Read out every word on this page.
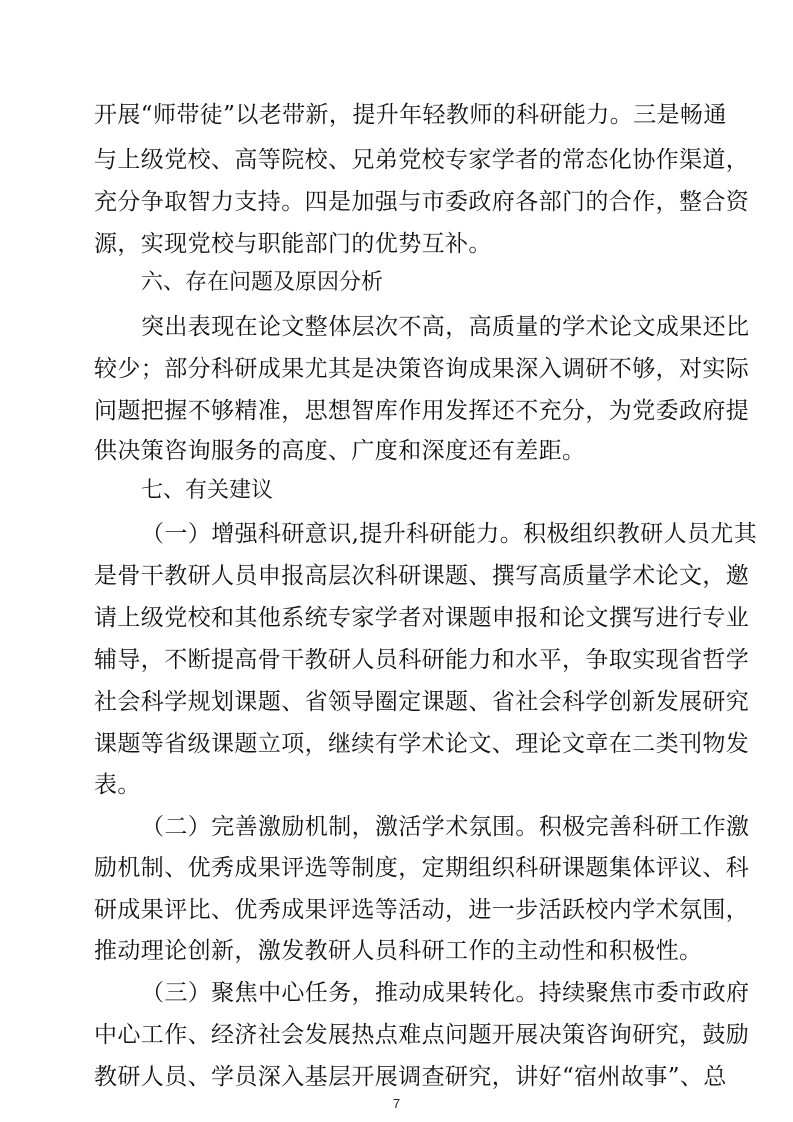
开展“师带徒”以老带新，提升年轻教师的科研能力。三是畅通
与上级党校、高等院校、兄弟党校专家学者的常态化协作渠道，
充分争取智力支持。四是加强与市委政府各部门的合作，整合资
源，实现党校与职能部门的优势互补。
六、存在问题及原因分析
突出表现在论文整体层次不高，高质量的学术论文成果还比
较少；部分科研成果尤其是决策咨询成果深入调研不够，对实际
问题把握不够精准，思想智库作用发挥还不充分，为党委政府提
供决策咨询服务的高度、广度和深度还有差距。
七、有关建议
（一）增强科研意识,提升科研能力。积极组织教研人员尤其
是骨干教研人员申报高层次科研课题、撰写高质量学术论文，邀
请上级党校和其他系统专家学者对课题申报和论文撰写进行专业
辅导，不断提高骨干教研人员科研能力和水平，争取实现省哲学
社会科学规划课题、省领导圈定课题、省社会科学创新发展研究
课题等省级课题立项，继续有学术论文、理论文章在二类刊物发
表。
（二）完善激励机制，激活学术氛围。积极完善科研工作激
励机制、优秀成果评选等制度，定期组织科研课题集体评议、科
研成果评比、优秀成果评选等活动，进一步活跃校内学术氛围，
推动理论创新，激发教研人员科研工作的主动性和积极性。
（三）聚焦中心任务，推动成果转化。持续聚焦市委市政府
中心工作、经济社会发展热点难点问题开展决策咨询研究，鼓励
教研人员、学员深入基层开展调查研究，讲好“宿州故事”、总
7
